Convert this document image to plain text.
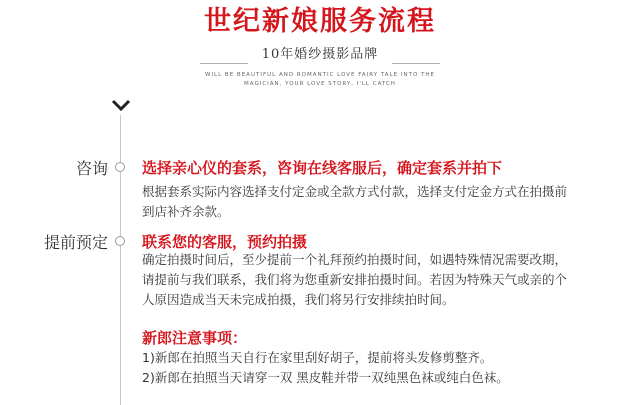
世纪新娘服务流程
10年婚纱摄影品牌
WILL BE BEAUTIFUL AND ROMANTIC LOVE FAIRY TALE INTO THE
MAGICIAN, YOUR LOVE STORY, I'LL CATCH
咨询 选择亲心仪的套系，咨询在线客服后，确定套系并拍下
根据套系实际内容选择支付定金或全款方式付款，选择支付定金方式在拍摄前
到店补齐余款。
提前预定 联系您的客服，预约拍摄
确定拍摄时间后，至少提前一个礼拜预约拍摄时间，如遇特殊情况需要改期，
请提前与我们联系，我们将为您重新安排拍摄时间。若因为特殊天气或亲的个
人原因造成当天未完成拍摄，我们将另行安排续拍时间。
新郎注意事项：
1)新郎在拍照当天自行在家里刮好胡子，提前将头发修剪整齐。
2)新郎在拍照当天请穿一双 黑皮鞋并带一双纯黑色袜或纯白色袜。
